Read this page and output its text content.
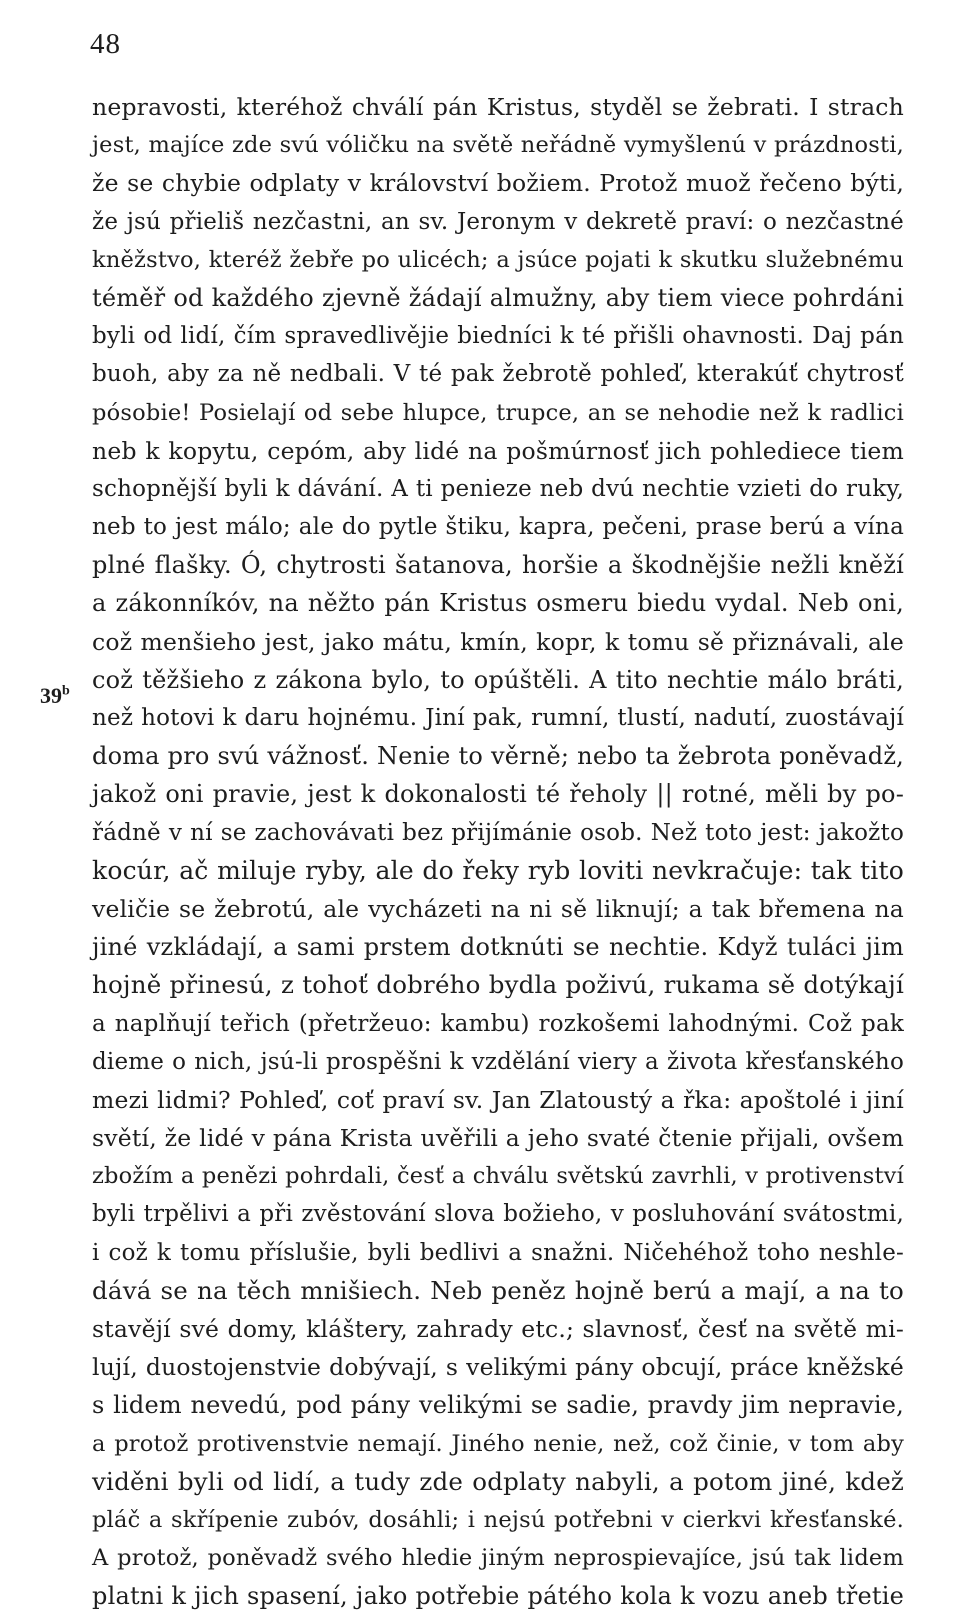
48
39$^b$
nepravosti, kteréhož chválí pán Kristus, styděl se žebrati. I strach
jest, majíce zde svú vóličku na světě neřádně vymyšlenú v prázdnosti,
že se chybie odplaty v království božiem. Protož muož řečeno býti,
že jsú přieliš nezčastni, an sv. Jeronym v dekretě praví: o nezčastné
kněžstvo, kteréž žebře po ulicéch; a jsúce pojati k skutku služebnému
téměř od každého zjevně žádají almužny, aby tiem viece pohrdáni
byli od lidí, čím spravedlivějie biedníci k té přišli ohavnosti. Daj pán
buoh, aby za ně nedbali. V té pak žebrotě pohleď, kterakúť chytrosť
pósobie! Posielají od sebe hlupce, trupce, an se nehodie než k radlici
neb k kopytu, cepóm, aby lidé na pošmúrnosť jich pohlediece tiem
schopnější byli k dávání. A ti penieze neb dvú nechtie vzieti do ruky,
neb to jest málo; ale do pytle štiku, kapra, pečeni, prase berú a vína
plné flašky. Ó, chytrosti šatanova, horšie a škodnějšie nežli kněží
a zákonníkóv, na něžto pán Kristus osmeru biedu vydal. Neb oni,
což menšieho jest, jako mátu, kmín, kopr, k tomu sě přiznávali, ale
což těžšieho z zákona bylo, to opúštěli. A tito nechtie málo bráti,
než hotovi k daru hojnému. Jiní pak, rumní, tlustí, nadutí, zuostávají
doma pro svú vážnosť. Nenie to věrně; nebo ta žebrota poněvadž,
jakož oni pravie, jest k dokonalosti té řeholy || rotné, měli by po-
řádně v ní se zachovávati bez přijímánie osob. Než toto jest: jakožto
kocúr, ač miluje ryby, ale do řeky ryb loviti nevkračuje: tak tito
veličie se žebrotú, ale vycházeti na ni sě liknují; a tak břemena na
jiné vzkládají, a sami prstem dotknúti se nechtie. Když tuláci jim
hojně přinesú, z tohoť dobrého bydla poživú, rukama sě dotýkají
a naplňují teřich (přetržeuo: kambu) rozkošemi lahodnými. Což pak
dieme o nich, jsú-li prospěšni k vzdělání viery a života křesťanského
mezi lidmi? Pohleď, coť praví sv. Jan Zlatoustý a řka: apoštolé i jiní
světí, že lidé v pána Krista uvěřili a jeho svaté čtenie přijali, ovšem
zbožím a penězi pohrdali, česť a chválu světskú zavrhli, v protivenství
byli trpělivi a při zvěstování slova božieho, v posluhování svátostmi,
i což k tomu příslušie, byli bedlivi a snažni. Ničehéhož toho neshle-
dává se na těch mnišiech. Neb peněz hojně berú a mají, a na to
stavějí své domy, kláštery, zahrady etc.; slavnosť, česť na světě mi-
lují, duostojenstvie dobývají, s velikými pány obcují, práce kněžské
s lidem nevedú, pod pány velikými se sadie, pravdy jim nepravie,
a protož protivenstvie nemají. Jiného nenie, než, což činie, v tom aby
viděni byli od lidí, a tudy zde odplaty nabyli, a potom jiné, kdež
pláč a skřípenie zubóv, dosáhli; i nejsú potřebni v cierkvi křesťanské.
A protož, poněvadž svého hledie jiným neprospievajíce, jsú tak lidem
platni k jich spasení, jako potřebie pátého kola k vozu aneb třetie
